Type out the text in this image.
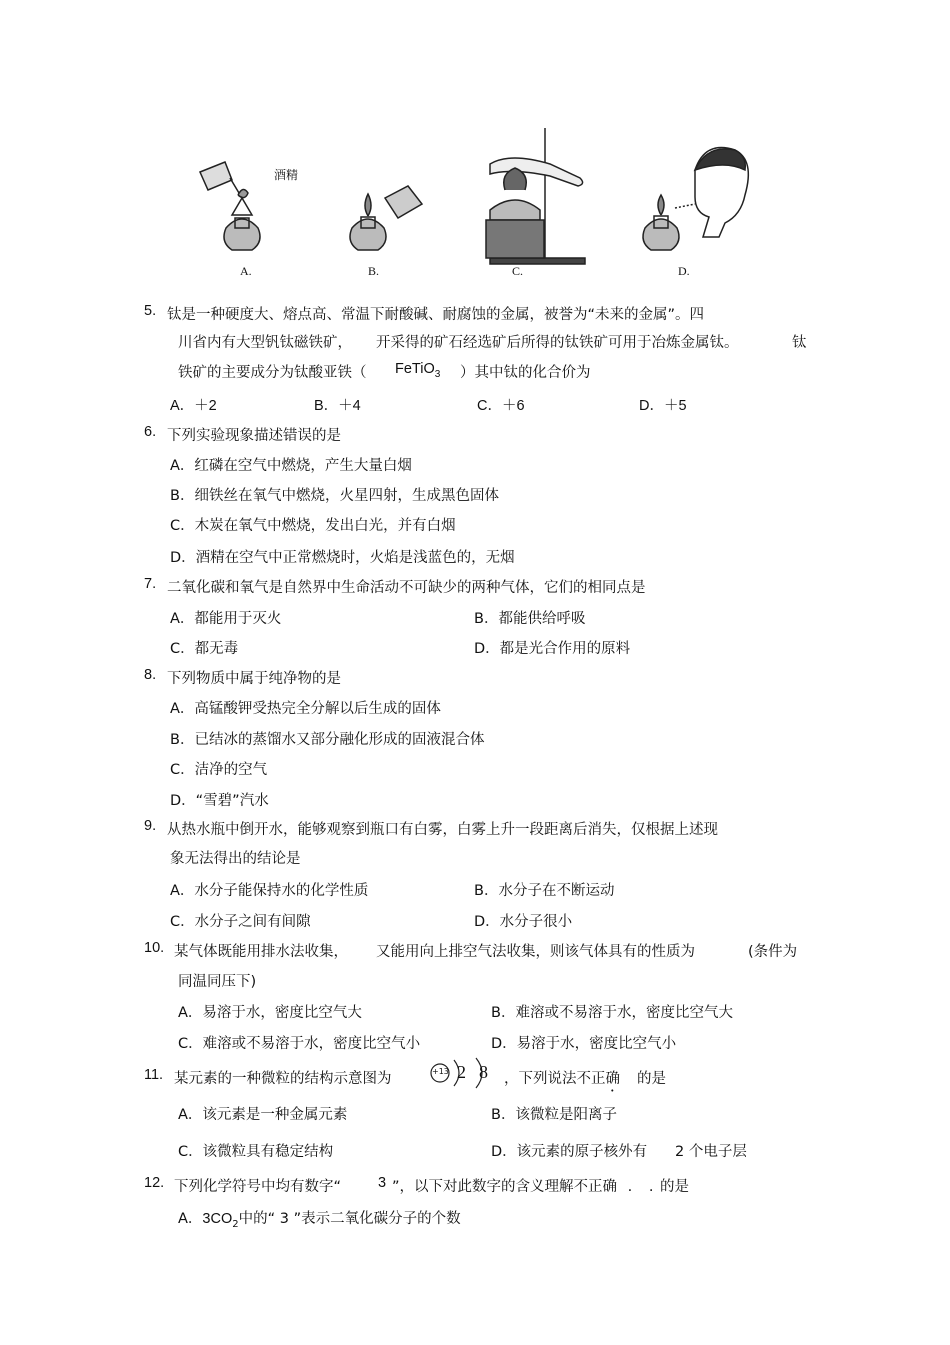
酒精
A.	B.	C.	D.
5. 钛是一种硬度大、熔点高、常温下耐酸碱、耐腐蚀的金属，被誉为“未来的金属”。四
川省内有大型钒钛磁铁矿， 开采得的矿石经选矿后所得的钛铁矿可用于冶炼金属钛。	钛
铁矿的主要成分为钛酸亚铁（ FeTiO$_3$ ）其中钛的化合价为
A．＋2	B．＋4	C．＋6	D．＋5
6. 下列实验现象描述错误的是
A．红磷在空气中燃烧，产生大量白烟
B．细铁丝在氧气中燃烧，火星四射，生成黑色固体
C．木炭在氧气中燃烧，发出白光，并有白烟
D．酒精在空气中正常燃烧时，火焰是浅蓝色的，无烟
7. 二氧化碳和氧气是自然界中生命活动不可缺少的两种气体，它们的相同点是
A．都能用于灭火	B．都能供给呼吸
C．都无毒	D．都是光合作用的原料
8. 下列物质中属于纯净物的是
A．高锰酸钾受热完全分解以后生成的固体
B．已结冰的蒸馏水又部分融化形成的固液混合体
C．洁净的空气
D．“雪碧”汽水
9. 从热水瓶中倒开水，能够观察到瓶口有白雾，白雾上升一段距离后消失，仅根据上述现
象无法得出的结论是
A．水分子能保持水的化学性质	B．水分子在不断运动
C．水分子之间有间隙	D．水分子很小
10. 某气体既能用排水法收集， 又能用向上排空气法收集，则该气体具有的性质为	(条件为
同温同压下)
A．易溶于水，密度比空气大	B．难溶或不易溶于水，密度比空气大
C．难溶或不易溶于水，密度比空气小	D．易溶于水，密度比空气小
11. 某元素的一种微粒的结构示意图为	+13 2 8 ，下列说法不正确 的是
A．该元素是一种金属元素	B．该微粒是阳离子
C．该微粒具有稳定结构	D．该元素的原子核外有 2 个电子层
12. 下列化学符号中均有数字“	3 ”，以下对此数字的含义理解不正确 . . 的是
A．$3CO_2$中的“ 3 ”表示二氧化碳分子的个数
